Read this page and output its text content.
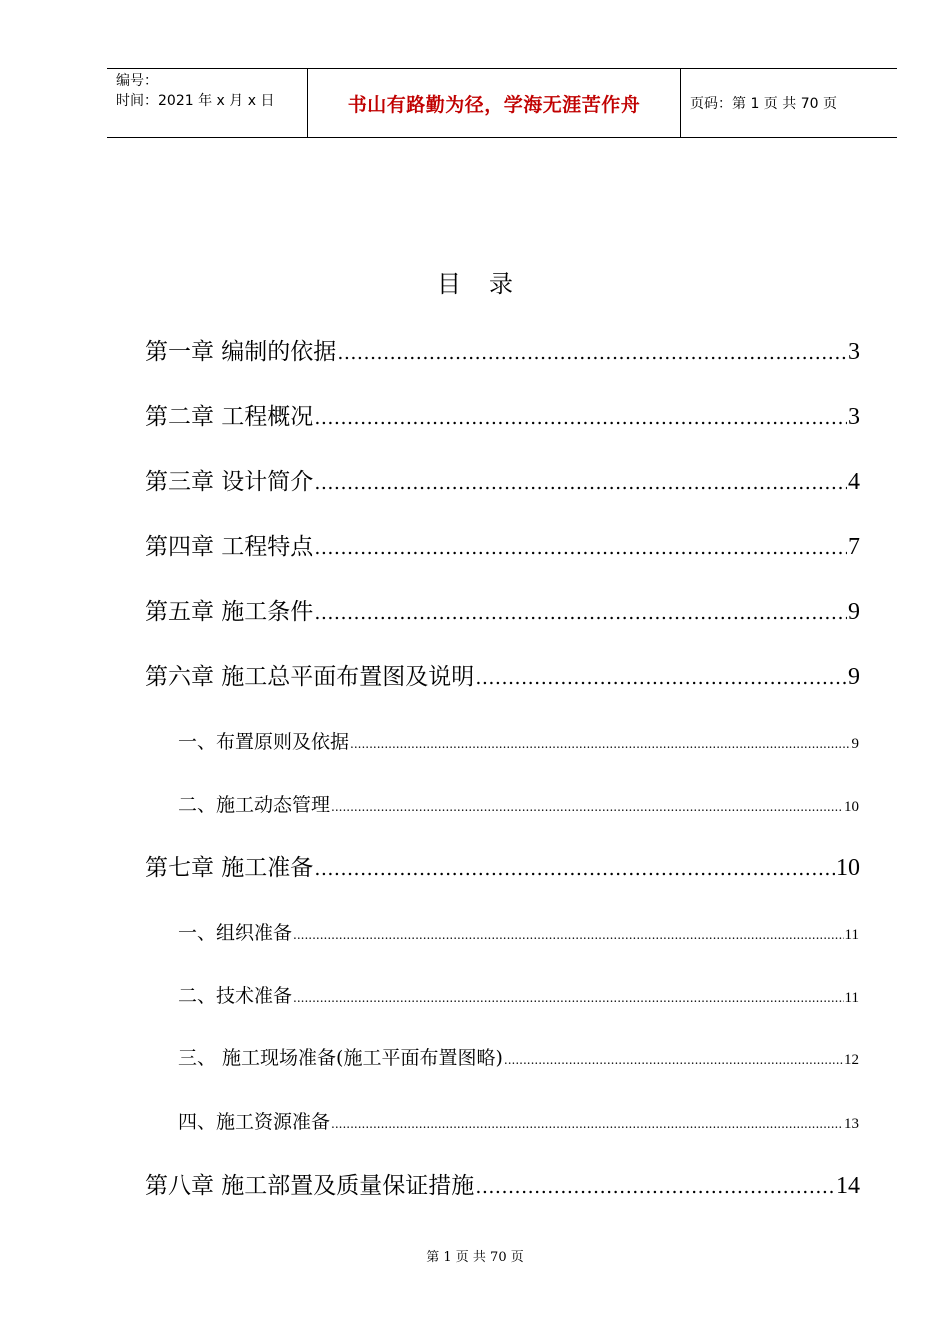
编号：
时间：2021 年 x 月 x 日	书山有路勤为径，学海无涯苦作舟	页码：第 1 页 共 70 页
目录
第一章 编制的依据 .....	3
第二章 工程概况 .....	3
第三章 设计简介 .....	4
第四章 工程特点 .....	7
第五章 施工条件 .....	9
第六章 施工总平面布置图及说明 .....	9
一、布置原则及依据 .....	9
二、施工动态管理 .....	10
第七章 施工准备 .....	10
一、组织准备 .....	11
二、技术准备 .....	11
三、 施工现场准备(施工平面布置图略) .....	12
四、施工资源准备 .....	13
第八章 施工部置及质量保证措施 .....	14
第 1 页 共 70 页
